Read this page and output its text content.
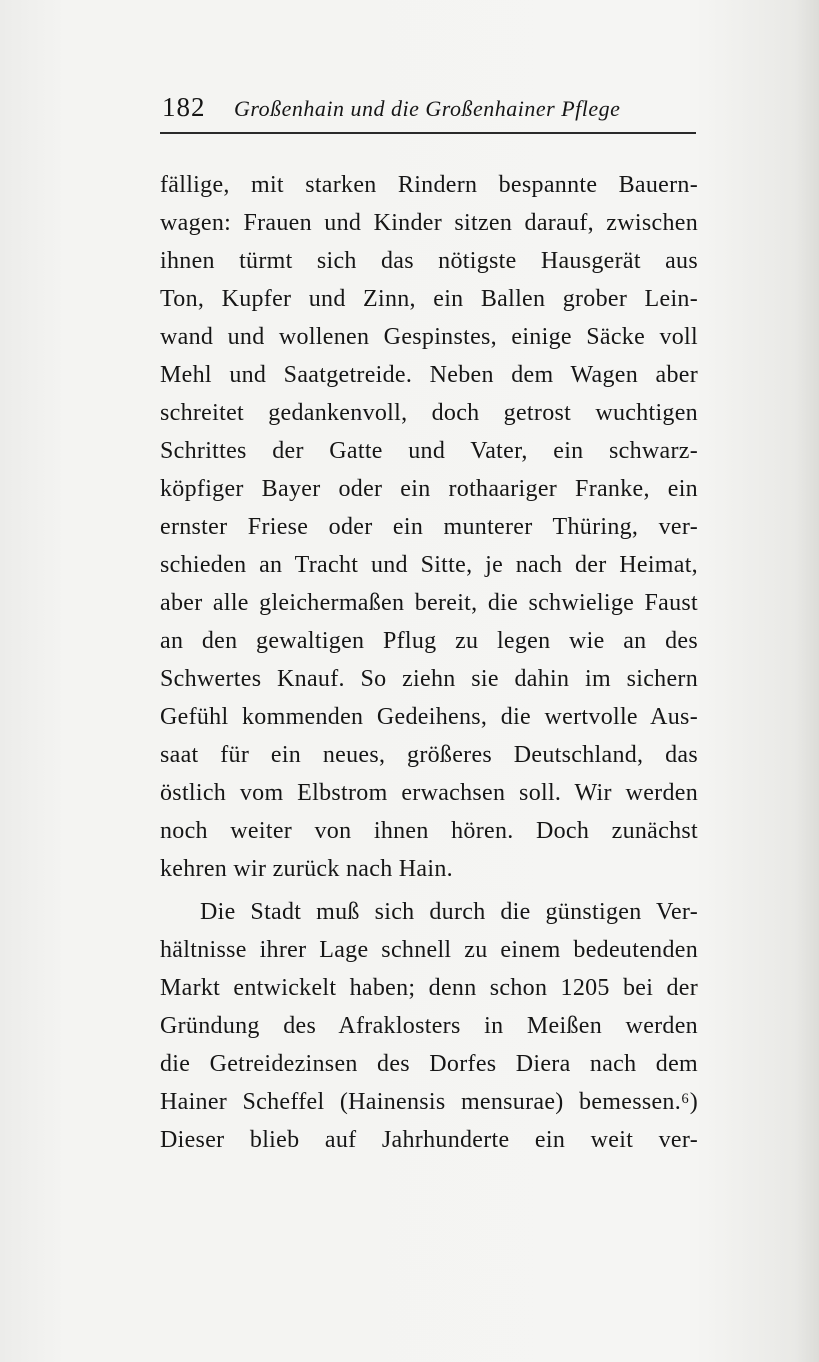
182 Großenhain und die Großenhainer Pflege
fällige, mit starken Rindern bespannte Bauern-
wagen: Frauen und Kinder sitzen darauf, zwischen
ihnen türmt sich das nötigste Hausgerät aus
Ton, Kupfer und Zinn, ein Ballen grober Lein-
wand und wollenen Gespinstes, einige Säcke voll
Mehl und Saatgetreide. Neben dem Wagen aber
schreitet gedankenvoll, doch getrost wuchtigen
Schrittes der Gatte und Vater, ein schwarz-
köpfiger Bayer oder ein rothaariger Franke, ein
ernster Friese oder ein munterer Thüring, ver-
schieden an Tracht und Sitte, je nach der Heimat,
aber alle gleichermaßen bereit, die schwielige Faust
an den gewaltigen Pflug zu legen wie an des
Schwertes Knauf. So ziehn sie dahin im sichern
Gefühl kommenden Gedeihens, die wertvolle Aus-
saat für ein neues, größeres Deutschland, das
östlich vom Elbstrom erwachsen soll. Wir werden
noch weiter von ihnen hören. Doch zunächst
kehren wir zurück nach Hain.
Die Stadt muß sich durch die günstigen Ver-
hältnisse ihrer Lage schnell zu einem bedeutenden
Markt entwickelt haben; denn schon 1205 bei der
Gründung des Afraklosters in Meißen werden
die Getreidezinsen des Dorfes Diera nach dem
Hainer Scheffel (Hainensis mensurae) bemessen.⁶)
Dieser blieb auf Jahrhunderte ein weit ver-
